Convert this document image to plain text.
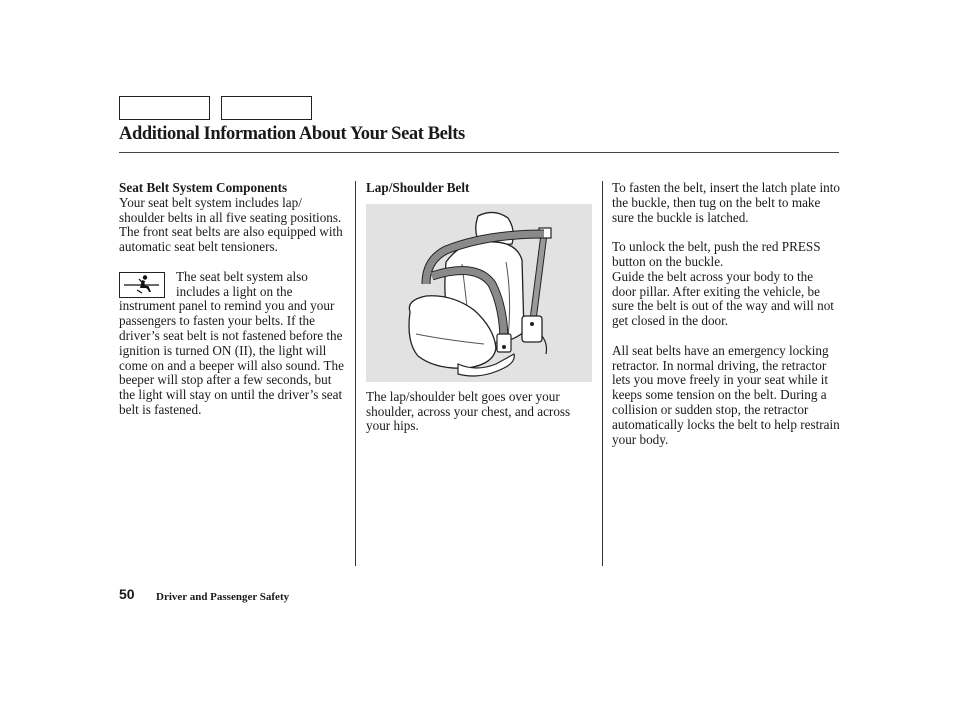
Additional Information About Your Seat Belts

Seat Belt System Components

Your seat belt system includes lap/ shoulder belts in all five seating positions. The front seat belts are also equipped with automatic seat belt tensioners.

The seat belt system also includes a light on the

instrument panel to remind you and your passengers to fasten your belts. If the driver’s seat belt is not fastened before the ignition is turned ON (II), the light will come on and a beeper will also sound. The beeper will stop after a few seconds, but the light will stay on until the driver’s seat belt is fastened.

Lap/Shoulder Belt

The lap/shoulder belt goes over your shoulder, across your chest, and across your hips.

To fasten the belt, insert the latch plate into the buckle, then tug on the belt to make sure the buckle is latched.

To unlock the belt, push the red PRESS button on the buckle.

Guide the belt across your body to the door pillar. After exiting the vehicle, be sure the belt is out of the way and will not get closed in the door.

All seat belts have an emergency locking retractor. In normal driving, the retractor lets you move freely in your seat while it keeps some tension on the belt. During a collision or sudden stop, the retractor automatically locks the belt to help restrain your body.

50 Driver and Passenger Safety
